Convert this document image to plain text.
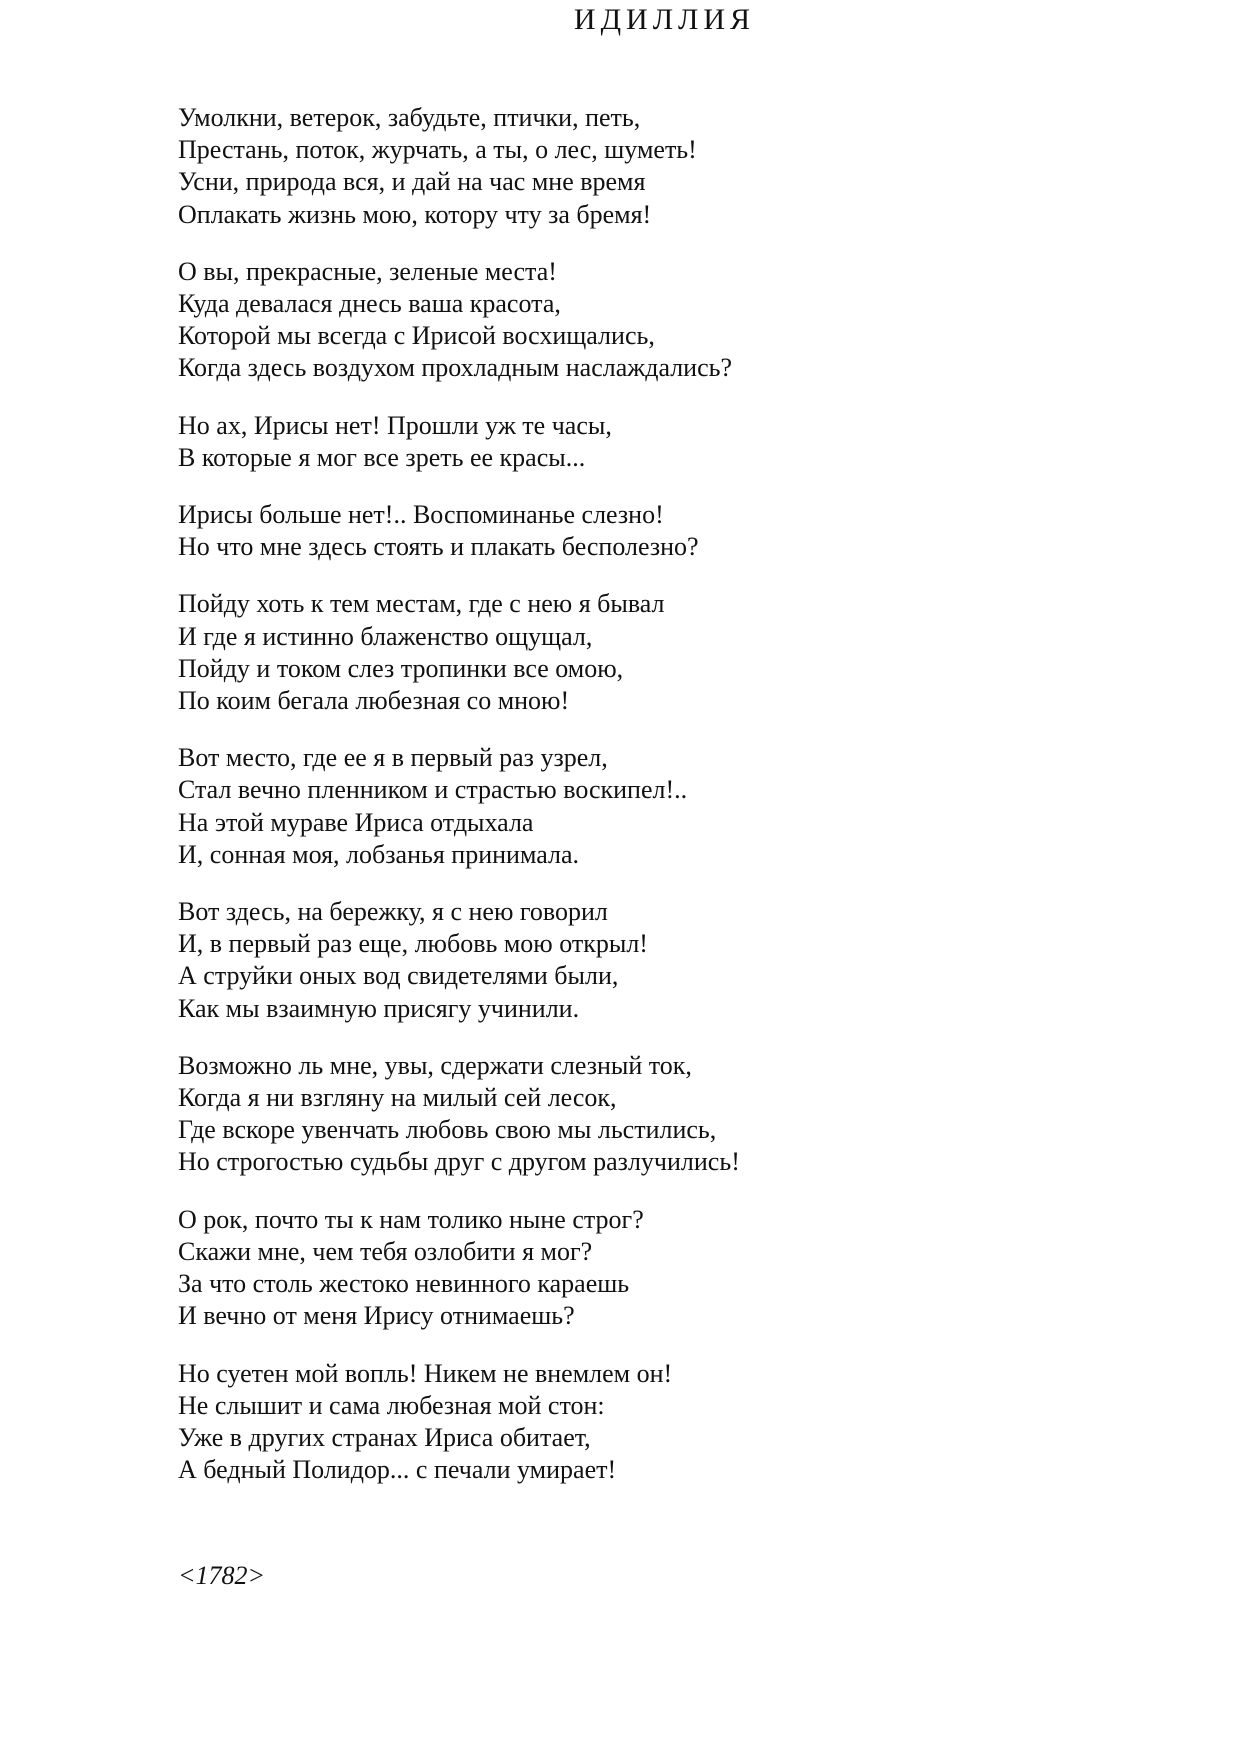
ИДИЛЛИЯ
Умолкни, ветерок, забудьте, птички, петь,
Престань, поток, журчать, а ты, о лес, шуметь!
Усни, природа вся, и дай на час мне время
Оплакать жизнь мою, котору чту за бремя!
О вы, прекрасные, зеленые места!
Куда девалася днесь ваша красота,
Которой мы всегда с Ирисой восхищались,
Когда здесь воздухом прохладным наслаждались?
Но ах, Ирисы нет! Прошли уж те часы,
В которые я мог все зреть ее красы...
Ирисы больше нет!.. Воспоминанье слезно!
Но что мне здесь стоять и плакать бесполезно?
Пойду хоть к тем местам, где с нею я бывал
И где я истинно блаженство ощущал,
Пойду и током слез тропинки все омою,
По коим бегала любезная со мною!
Вот место, где ее я в первый раз узрел,
Стал вечно пленником и страстью воскипел!..
На этой мураве Ириса отдыхала
И, сонная моя, лобзанья принимала.
Вот здесь, на бережку, я с нею говорил
И, в первый раз еще, любовь мою открыл!
А струйки оных вод свидетелями были,
Как мы взаимную присягу учинили.
Возможно ль мне, увы, сдержати слезный ток,
Когда я ни взгляну на милый сей лесок,
Где вскоре увенчать любовь свою мы льстились,
Но строгостью судьбы друг с другом разлучились!
О рок, почто ты к нам толико ныне строг?
Скажи мне, чем тебя озлобити я мог?
За что столь жестоко невинного караешь
И вечно от меня Ирису отнимаешь?
Но суетен мой вопль! Никем не внемлем он!
Не слышит и сама любезная мой стон:
Уже в других странах Ириса обитает,
А бедный Полидор... с печали умирает!
<1782>
